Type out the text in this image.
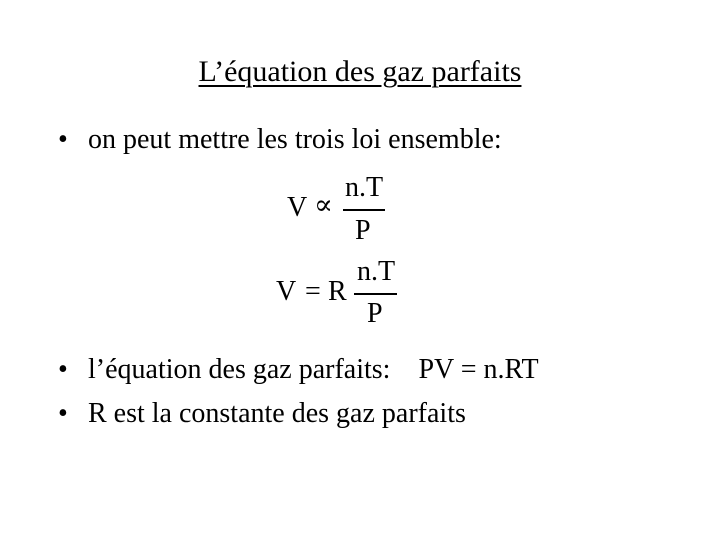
L’équation des gaz parfaits
• on peut mettre les trois loi ensemble:
V ∝
n.T
P
V = R
n.T
P
• l’équation des gaz parfaits: PV = n.RT
• R est la constante des gaz parfaits
